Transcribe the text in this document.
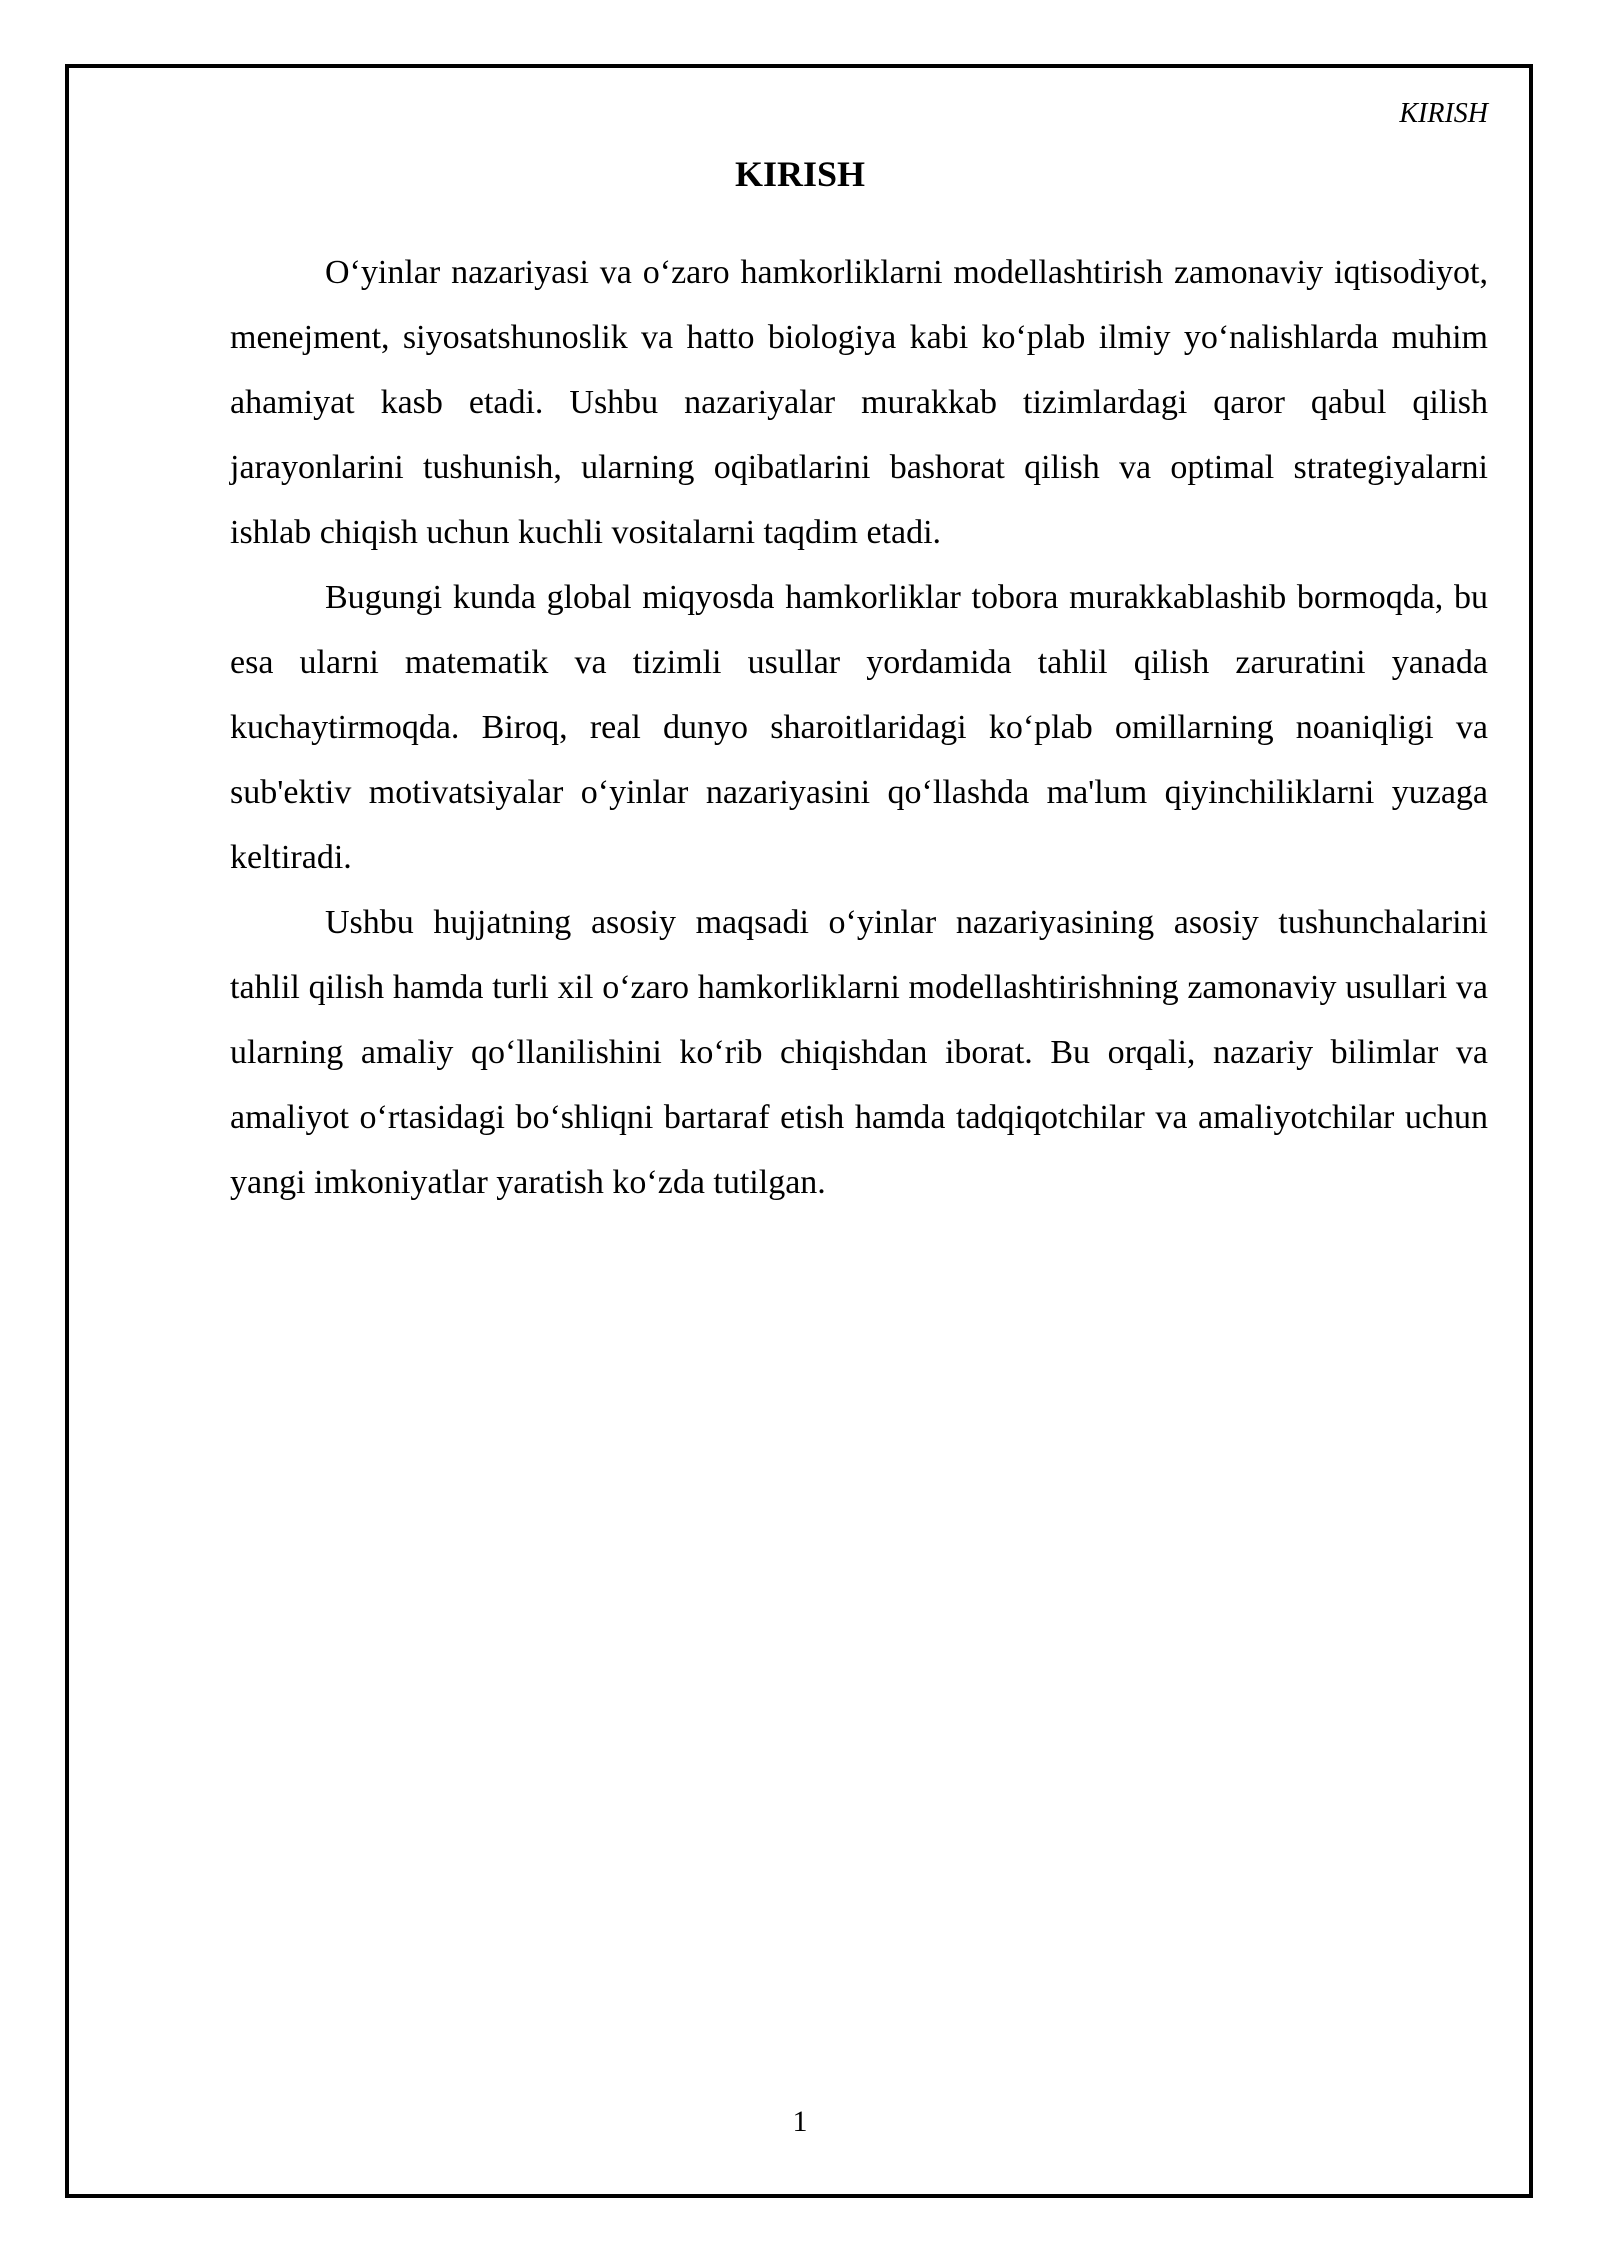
KIRISH
KIRISH

O‘yinlar nazariyasi va o‘zaro hamkorliklarni modellashtirish zamonaviy iqtisodiyot, menejment, siyosatshunoslik va hatto biologiya kabi ko‘plab ilmiy yo‘nalishlarda muhim ahamiyat kasb etadi. Ushbu nazariyalar murakkab tizimlardagi qaror qabul qilish jarayonlarini tushunish, ularning oqibatlarini bashorat qilish va optimal strategiyalarni ishlab chiqish uchun kuchli vositalarni taqdim etadi.

Bugungi kunda global miqyosda hamkorliklar tobora murakkablashib bormoqda, bu esa ularni matematik va tizimli usullar yordamida tahlil qilish zaruratini yanada kuchaytirmoqda. Biroq, real dunyo sharoitlaridagi ko‘plab omillarning noaniqligi va sub'ektiv motivatsiyalar o‘yinlar nazariyasini qo‘llashda ma'lum qiyinchiliklarni yuzaga keltiradi.

Ushbu hujjatning asosiy maqsadi o‘yinlar nazariyasining asosiy tushunchalarini tahlil qilish hamda turli xil o‘zaro hamkorliklarni modellashtirishning zamonaviy usullari va ularning amaliy qo‘llanilishini ko‘rib chiqishdan iborat. Bu orqali, nazariy bilimlar va amaliyot o‘rtasidagi bo‘shliqni bartaraf etish hamda tadqiqotchilar va amaliyotchilar uchun yangi imkoniyatlar yaratish ko‘zda tutilgan.

1
